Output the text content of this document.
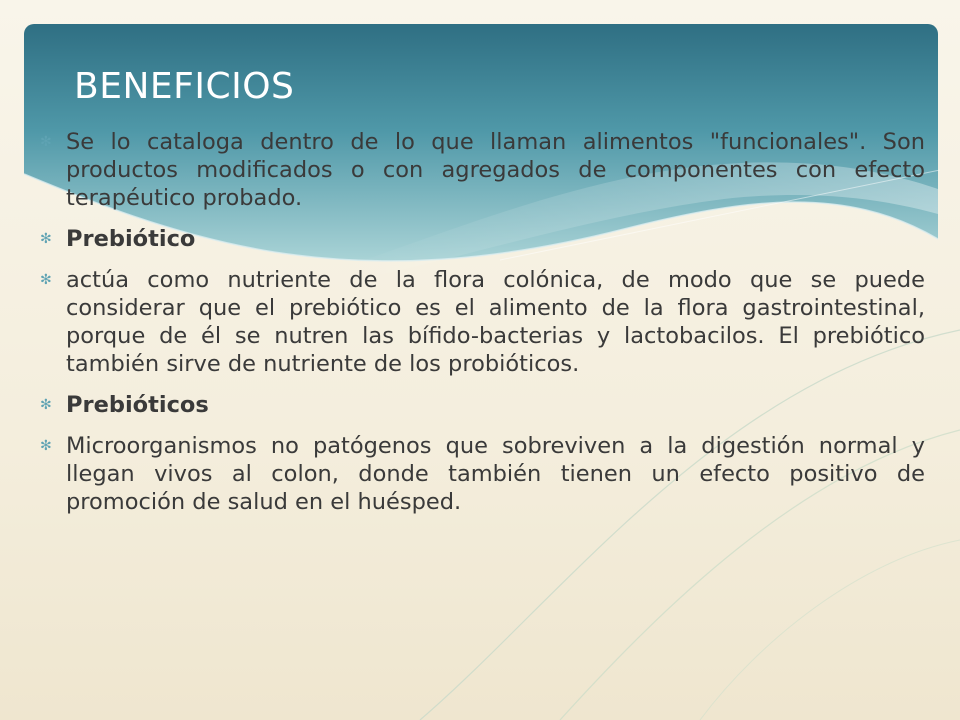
BENEFICIOS
✻ Se lo cataloga dentro de lo que llaman alimentos "funcionales". Son productos modificados o con agregados de componentes con efecto terapéutico probado.
✻ Prebiótico
✻ actúa como nutriente de la flora colónica, de modo que se puede considerar que el prebiótico es el alimento de la flora gastrointestinal, porque de él se nutren las bífido-bacterias y lactobacilos. El prebiótico también sirve de nutriente de los probióticos.
✻ Prebióticos
✻ Microorganismos no patógenos que sobreviven a la digestión normal y llegan vivos al colon, donde también tienen un efecto positivo de promoción de salud en el huésped.
